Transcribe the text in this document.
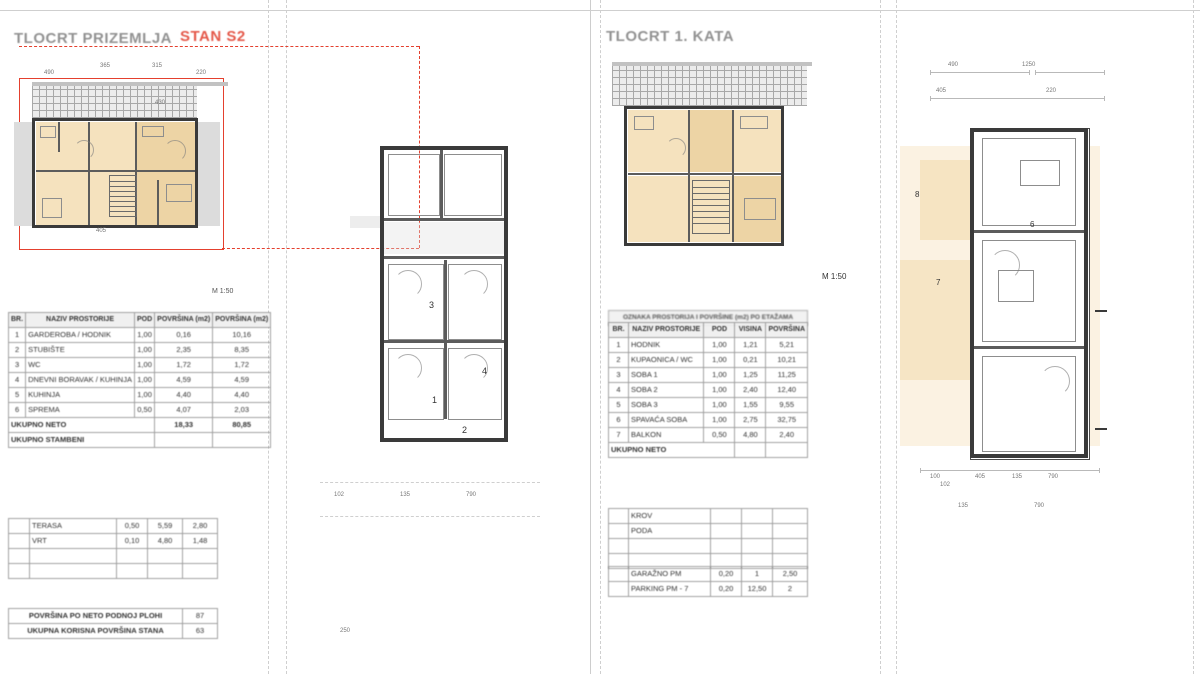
TLOCRT PRIZEMLJA STAN S2
490
365	315
220
430
405
M 1:50
BR.	NAZIV PROSTORIJE	POD	POVRŠINA (m2)	POVRŠINA (m2)
1	GARDEROBA / HODNIK	1,00	0,16	10,16
2	STUBIŠTE	1,00	2,35	8,35
3	WC	1,00	1,72	1,72
4	DNEVNI BORAVAK / KUHINJA	1,00	4,59	4,59
5	KUHINJA	1,00	4,40	4,40
6	SPREMA	0,50	4,07	2,03
UKUPNO NETO			18,33	80,85
UKUPNO STAMBENI				
	TERASA	0,50	5,59	2,80
	VRT	0,10	4,80	1,48

POVRŠINA PO NETO PODNOJ PLOHI	87
UKUPNA KORISNA POVRŠINA STANA	63
3
4
1
2
102	135	790
250
TLOCRT 1. KATA
M 1:50
8
7
6
490	1250
405	220
100	405	135	790
102
135	790
OZNAKA PROSTORIJA I POVRŠINE (m2) PO ETAŽAMA
BR.	NAZIV PROSTORIJE	POD	VISINA	POVRŠINA
1	HODNIK	1,00	1,21	5,21
2	KUPAONICA / WC	1,00	0,21	10,21
3	SOBA 1	1,00	1,25	11,25
4	SOBA 2	1,00	2,40	12,40
5	SOBA 3	1,00	1,55	9,55
6	SPAVAĆA SOBA	1,00	2,75	32,75
7	BALKON	0,50	4,80	2,40
UKUPNO NETO				
	KROV			
	PODA			

	GARAŽNO PM	0,20	1	2,50
	PARKING PM - 7	0,20	12,50	2
